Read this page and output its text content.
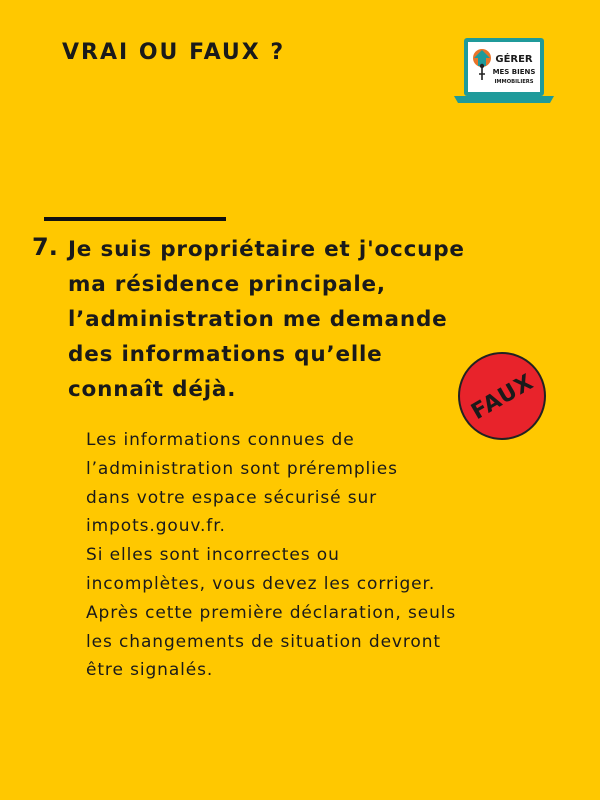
VRAI OU FAUX ?	GÉRER
MES BIENS
IMMOBILIERS
7. Je suis propriétaire et j'occupe
ma résidence principale,
l’administration me demande
des informations qu’elle
connaît déjà.	FAUX
Les informations connues de
l’administration sont préremplies
dans votre espace sécurisé sur
impots.gouv.fr.
Si elles sont incorrectes ou
incomplètes, vous devez les corriger.
Après cette première déclaration, seuls
les changements de situation devront
être signalés.
